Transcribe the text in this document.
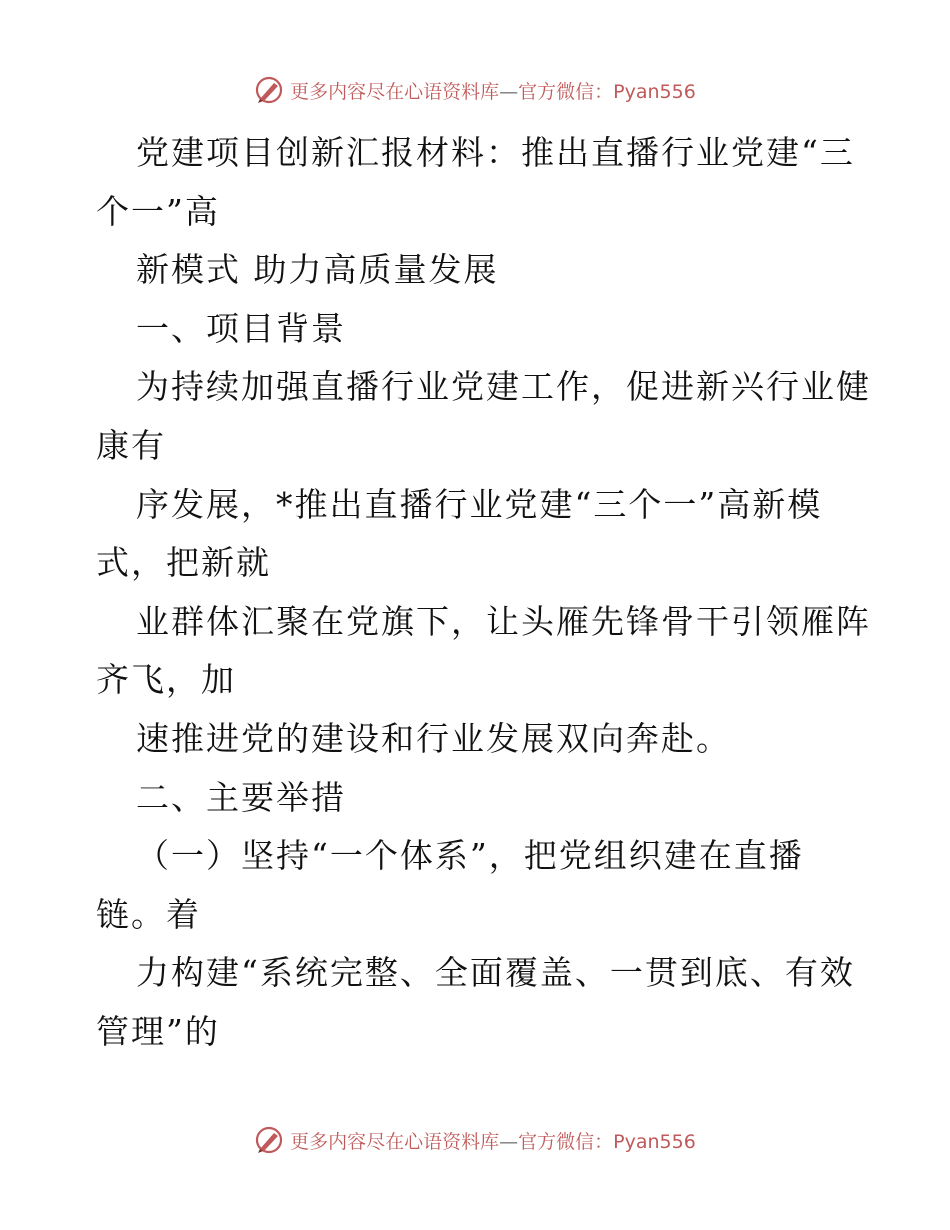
更多内容尽在心语资料库—官方微信：Pyan556
党建项目创新汇报材料：推出直播行业党建“三
个一”高
新模式 助力高质量发展
一、项目背景
为持续加强直播行业党建工作，促进新兴行业健
康有
序发展，*推出直播行业党建“三个一”高新模
式，把新就
业群体汇聚在党旗下，让头雁先锋骨干引领雁阵
齐飞，加
速推进党的建设和行业发展双向奔赴。
二、主要举措
（一）坚持“一个体系”，把党组织建在直播
链。着
力构建“系统完整、全面覆盖、一贯到底、有效
管理”的
更多内容尽在心语资料库—官方微信：Pyan556
